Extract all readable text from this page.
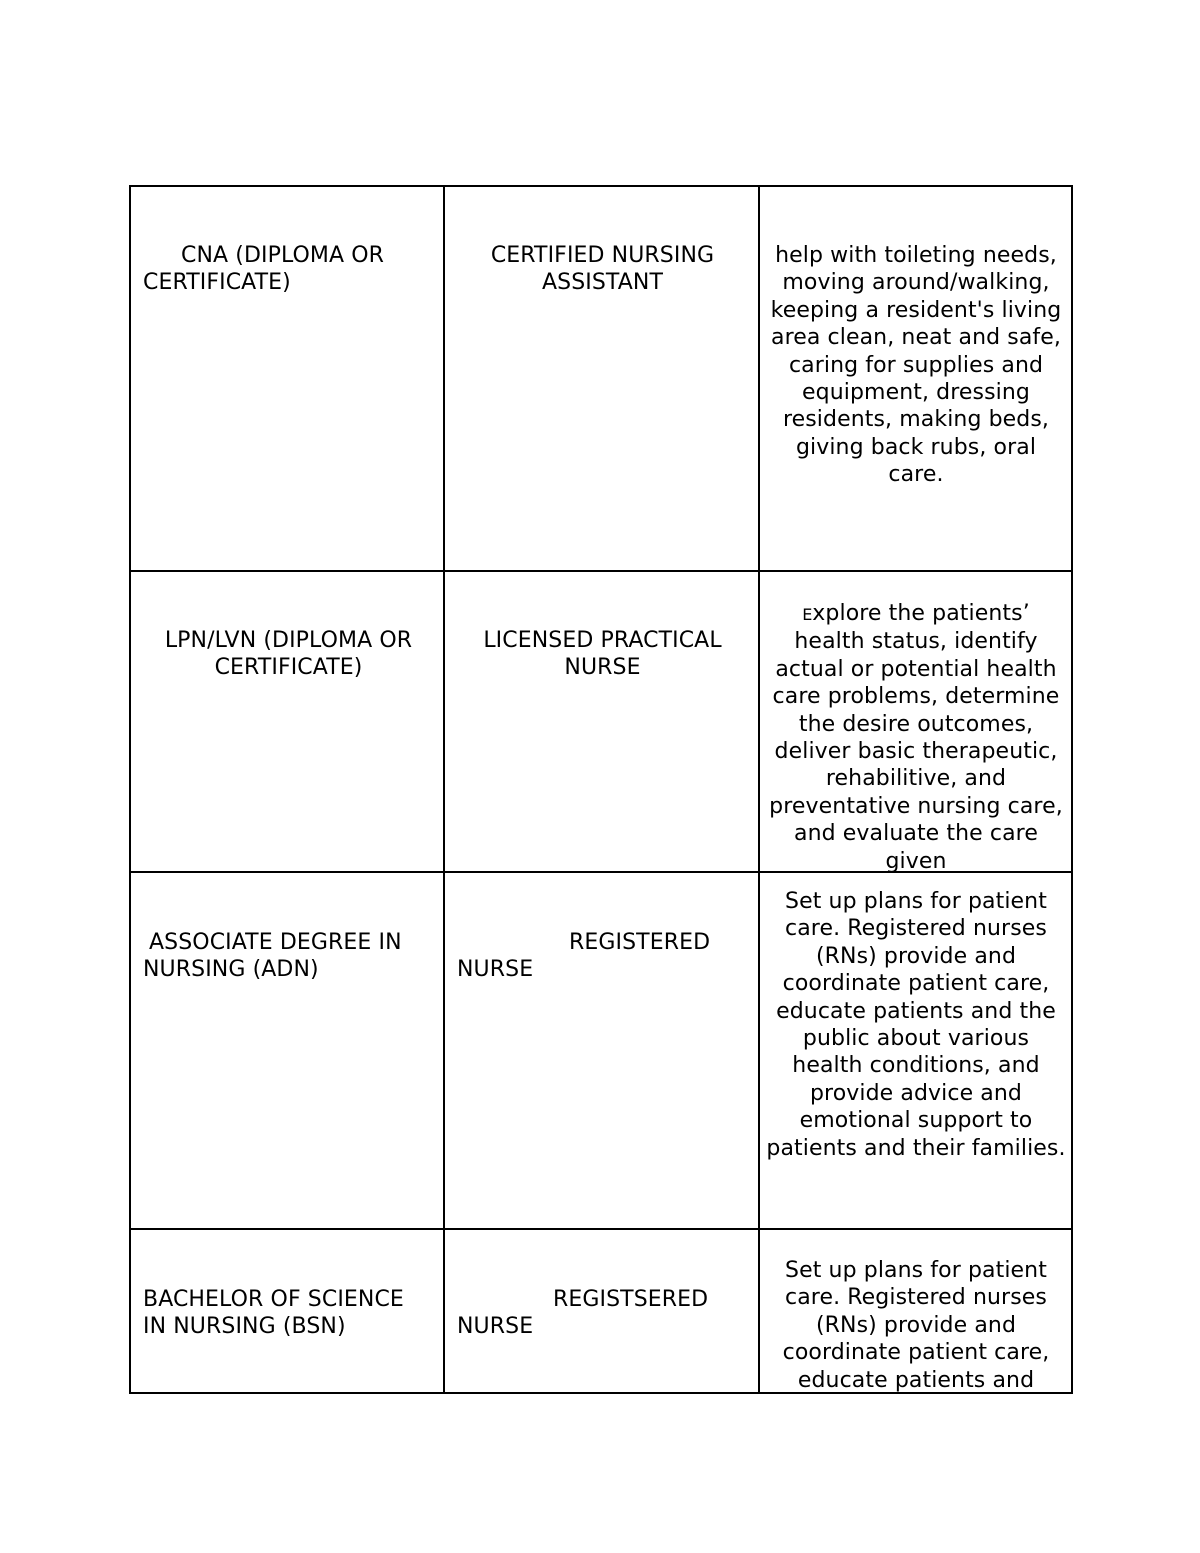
CNA (DIPLOMA OR CERTIFICATE)
CERTIFIED NURSING ASSISTANT
help with toileting needs, moving around/walking, keeping a resident's living area clean, neat and safe, caring for supplies and equipment, dressing residents, making beds, giving back rubs, oral care.
LPN/LVN (DIPLOMA OR CERTIFICATE)
LICENSED PRACTICAL NURSE
Explore the patients’ health status, identify actual or potential health care problems, determine the desire outcomes, deliver basic therapeutic, rehabilitive, and preventative nursing care, and evaluate the care given
ASSOCIATE DEGREE IN NURSING (ADN)
REGISTERED NURSE
Set up plans for patient care. Registered nurses (RNs) provide and coordinate patient care, educate patients and the public about various health conditions, and provide advice and emotional support to patients and their families.
BACHELOR OF SCIENCE IN NURSING (BSN)
REGISTSERED NURSE
Set up plans for patient care. Registered nurses (RNs) provide and coordinate patient care, educate patients and
